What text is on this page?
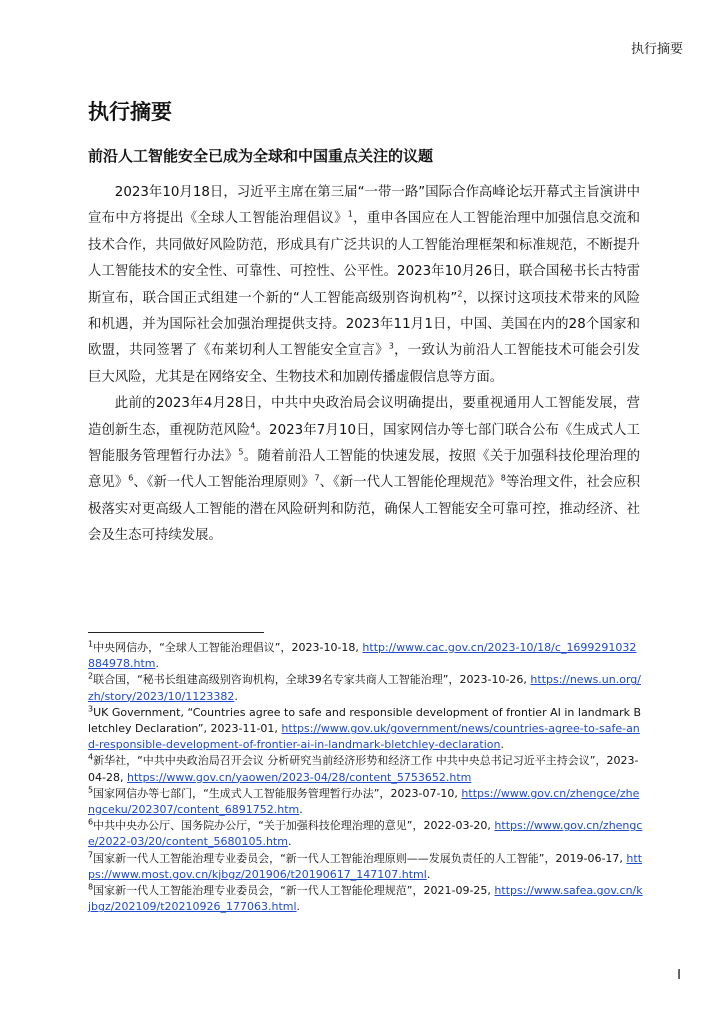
执行摘要
执行摘要
前沿人工智能安全已成为全球和中国重点关注的议题

2023年10月18日，习近平主席在第三届“一带一路”国际合作高峰论坛开幕式主旨演讲中宣布中方将提出《全球人工智能治理倡议》$^1$，重申各国应在人工智能治理中加强信息交流和技术合作，共同做好风险防范，形成具有广泛共识的人工智能治理框架和标准规范，不断提升人工智能技术的安全性、可靠性、可控性、公平性。2023年10月26日，联合国秘书长古特雷斯宣布，联合国正式组建一个新的“人工智能高级别咨询机构”$^2$，以探讨这项技术带来的风险和机遇，并为国际社会加强治理提供支持。2023年11月1日，中国、美国在内的28个国家和欧盟，共同签署了《布莱切利人工智能安全宣言》$^3$，一致认为前沿人工智能技术可能会引发巨大风险，尤其是在网络安全、生物技术和加剧传播虚假信息等方面。

此前的2023年4月28日，中共中央政治局会议明确提出，要重视通用人工智能发展，营造创新生态，重视防范风险$^4$。2023年7月10日，国家网信办等七部门联合公布《生成式人工智能服务管理暂行办法》$^5$。随着前沿人工智能的快速发展，按照《关于加强科技伦理治理的意见》$^6$、《新一代人工智能治理原则》$^7$、《新一代人工智能伦理规范》$^8$等治理文件，社会应积极落实对更高级人工智能的潜在风险研判和防范，确保人工智能安全可靠可控，推动经济、社会及生态可持续发展。

$^1$中央网信办，“全球人工智能治理倡议”，2023-10-18, http://www.cac.gov.cn/2023-10/18/c_1699291032884978.htm.
$^2$联合国，“秘书长组建高级别咨询机构，全球39名专家共商人工智能治理”，2023-10-26, https://news.un.org/zh/story/2023/10/1123382.
$^3$UK Government, “Countries agree to safe and responsible development of frontier AI in landmark Bletchley Declaration”, 2023-11-01, https://www.gov.uk/government/news/countries-agree-to-safe-and-responsible-development-of-frontier-ai-in-landmark-bletchley-declaration.
$^4$新华社，“中共中央政治局召开会议 分析研究当前经济形势和经济工作 中共中央总书记习近平主持会议”，2023-04-28, https://www.gov.cn/yaowen/2023-04/28/content_5753652.htm
$^5$国家网信办等七部门，“生成式人工智能服务管理暂行办法”，2023-07-10, https://www.gov.cn/zhengce/zhengceku/202307/content_6891752.htm.
$^6$中共中央办公厅、国务院办公厅，“关于加强科技伦理治理的意见”，2022-03-20, https://www.gov.cn/zhengce/2022-03/20/content_5680105.htm.
$^7$国家新一代人工智能治理专业委员会，“新一代人工智能治理原则——发展负责任的人工智能”，2019-06-17, https://www.most.gov.cn/kjbgz/201906/t20190617_147107.html.
$^8$国家新一代人工智能治理专业委员会，“新一代人工智能伦理规范”，2021-09-25, https://www.safea.gov.cn/kjbgz/202109/t20210926_177063.html.
I
